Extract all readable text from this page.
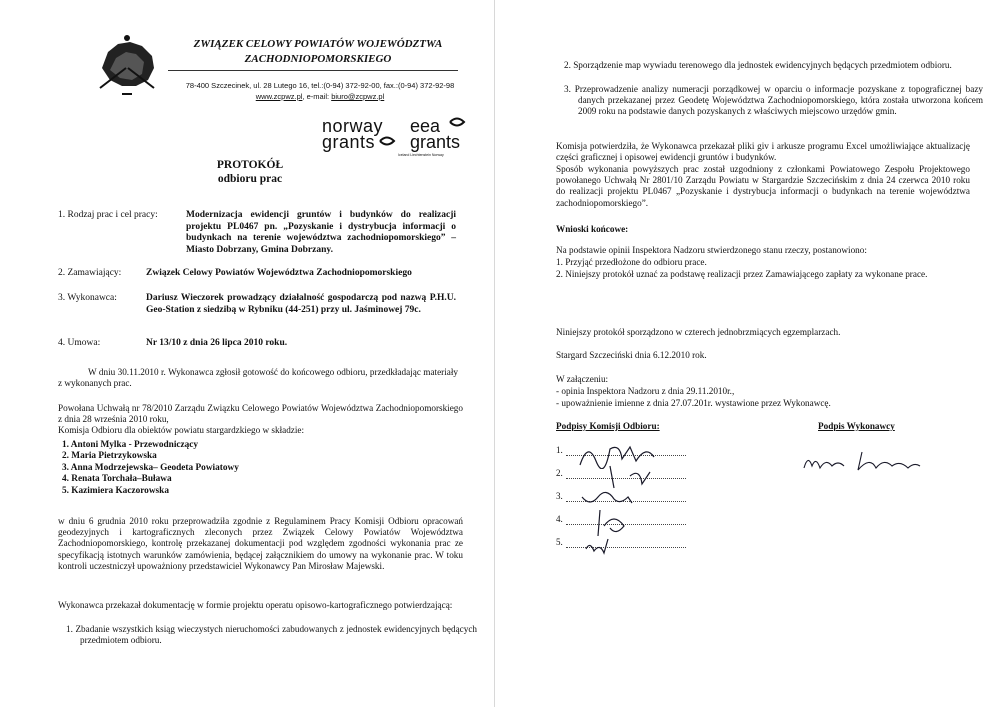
ZWIĄZEK CELOWY POWIATÓW WOJEWÓDZTWA
ZACHODNIOPOMORSKIEGO
78-400 Szczecinek, ul. 28 Lutego 16, tel.:(0-94) 372-92-00, fax.:(0-94) 372-92-98
www.zcpwz.pl, e-mail: biuro@zcpwz.pl
norway
grants
eea
grants
Iceland Liechtenstein Norway
PROTOKÓŁ
odbioru prac
1. Rodzaj prac i cel pracy:	Modernizacja ewidencji gruntów i budynków do realizacji projektu PL0467 pn. „Pozyskanie i dystrybucja informacji o budynkach na terenie województwa zachodniopomorskiego” – Miasto Dobrzany, Gmina Dobrzany.
2. Zamawiający:	Związek Celowy Powiatów Województwa Zachodniopomorskiego
3. Wykonawca:	Dariusz Wieczorek prowadzący działalność gospodarczą pod nazwą P.H.U. Geo-Station z siedzibą w Rybniku (44-251) przy ul. Jaśminowej 79c.
4. Umowa:	Nr 13/10 z dnia 26 lipca 2010 roku.
W dniu 30.11.2010 r. Wykonawca zgłosił gotowość do końcowego odbioru, przedkładając materiały z wykonanych prac.
Powołana Uchwałą nr 78/2010 Zarządu Związku Celowego Powiatów Województwa Zachodniopomorskiego z dnia 28 września 2010 roku,
Komisja Odbioru dla obiektów powiatu stargardzkiego w składzie:
1. Antoni Mylka - Przewodniczący
2. Maria Pietrzykowska
3. Anna Modrzejewska– Geodeta Powiatowy
4. Renata Torchała–Buława
5. Kazimiera Kaczorowska
w dniu 6 grudnia 2010 roku przeprowadziła zgodnie z Regulaminem Pracy Komisji Odbioru opracowań geodezyjnych i kartograficznych zleconych przez Związek Celowy Powiatów Województwa Zachodniopomorskiego, kontrolę przekazanej dokumentacji pod względem zgodności wykonania prac ze specyfikacją istotnych warunków zamówienia, będącej załącznikiem do umowy na wykonanie prac. W toku kontroli uczestniczył upoważniony przedstawiciel Wykonawcy Pan Mirosław Majewski.
Wykonawca przekazał dokumentację w formie projektu operatu opisowo-kartograficznego potwierdzającą:
1. Zbadanie wszystkich ksiąg wieczystych nieruchomości zabudowanych z jednostek ewidencyjnych będących przedmiotem odbioru.
2. Sporządzenie map wywiadu terenowego dla jednostek ewidencyjnych będących przedmiotem odbioru.
3. Przeprowadzenie analizy numeracji porządkowej w oparciu o informacje pozyskane z topograficznej bazy danych przekazanej przez Geodetę Województwa Zachodniopomorskiego, która została utworzona końcem 2009 roku na podstawie danych pozyskanych z właściwych miejscowo urzędów gmin.
Komisja potwierdziła, że Wykonawca przekazał pliki giv i arkusze programu Excel umożliwiające aktualizację części graficznej i opisowej ewidencji gruntów i budynków.
Sposób wykonania powyższych prac został uzgodniony z członkami Powiatowego Zespołu Projektowego powołanego Uchwałą Nr 2801/10 Zarządu Powiatu w Stargardzie Szczecińskim z dnia 24 czerwca 2010 roku do realizacji projektu PL0467 „Pozyskanie i dystrybucja informacji o budynkach na terenie województwa zachodniopomorskiego”.
Wnioski końcowe:
Na podstawie opinii Inspektora Nadzoru stwierdzonego stanu rzeczy, postanowiono:
1. Przyjąć przedłożone do odbioru prace.
2. Niniejszy protokół uznać za podstawę realizacji przez Zamawiającego zapłaty za wykonane prace.
Niniejszy protokół sporządzono w czterech jednobrzmiących egzemplarzach.
Stargard Szczeciński dnia 6.12.2010 rok.
W załączeniu:
- opinia Inspektora Nadzoru z dnia 29.11.2010r.,
- upoważnienie imienne z dnia 27.07.201r. wystawione przez Wykonawcę.
Podpisy Komisji Odbioru:	Podpis Wykonawcy
1.
2.
3.
4.
5.
